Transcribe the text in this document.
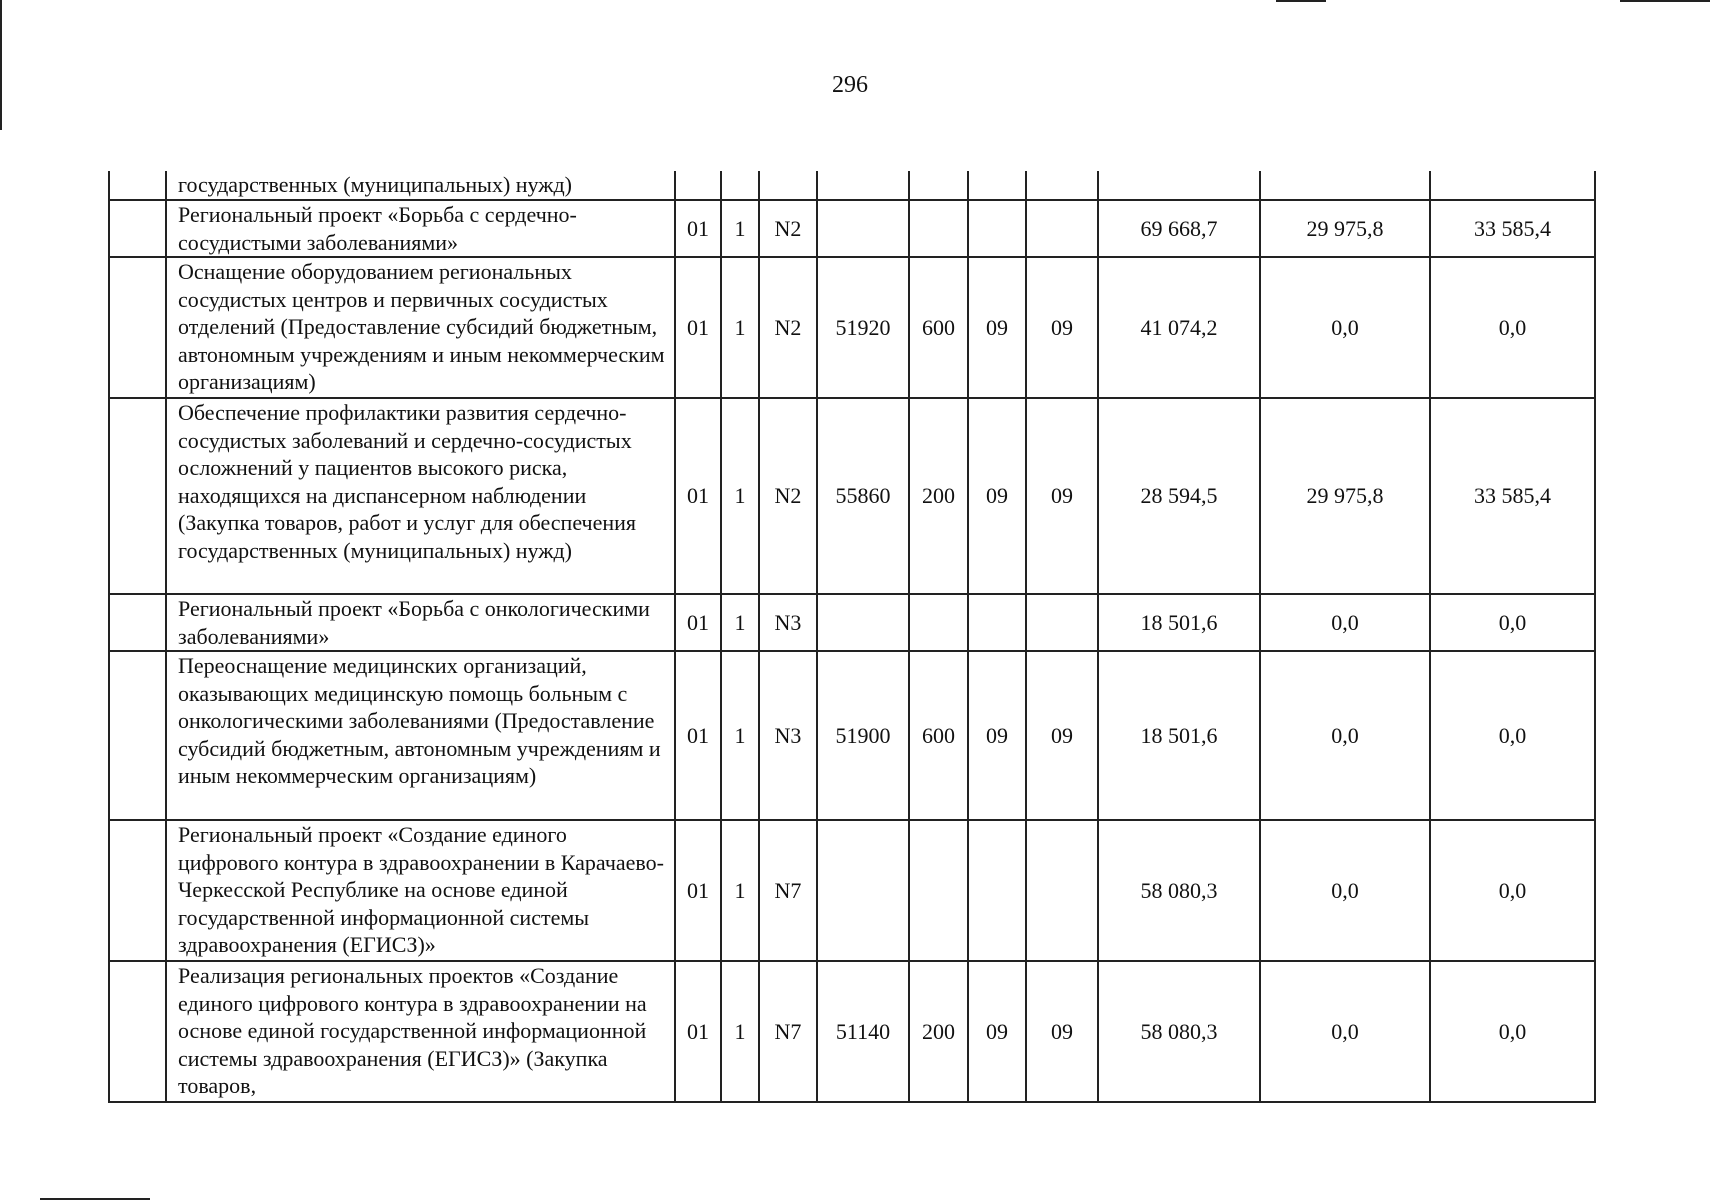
296
	государственных (муниципальных) нужд)										
	Региональный проект «Борьба с сердечно-сосудистыми заболеваниями»	01	1	N2					69 668,7	29 975,8	33 585,4
	Оснащение оборудованием региональных сосудистых центров и первичных сосудистых отделений (Предоставление субсидий бюджетным, автономным учреждениям и иным некоммерческим организациям)	01	1	N2	51920	600	09	09	41 074,2	0,0	0,0
	Обеспечение профилактики развития сердечно-сосудистых заболеваний и сердечно-сосудистых осложнений у пациентов высокого риска, находящихся на диспансерном наблюдении (Закупка товаров, работ и услуг для обеспечения государственных (муниципальных) нужд)	01	1	N2	55860	200	09	09	28 594,5	29 975,8	33 585,4
	Региональный проект «Борьба с онкологическими заболеваниями»	01	1	N3					18 501,6	0,0	0,0
	Переоснащение медицинских организаций, оказывающих медицинскую помощь больным с онкологическими заболеваниями (Предоставление субсидий бюджетным, автономным учреждениям и иным некоммерческим организациям)	01	1	N3	51900	600	09	09	18 501,6	0,0	0,0
	Региональный проект «Создание единого цифрового контура в здравоохранении в Карачаево-Черкесской Республике на основе единой государственной информационной системы здравоохранения (ЕГИСЗ)»	01	1	N7					58 080,3	0,0	0,0
	Реализация региональных проектов «Создание единого цифрового контура в здравоохранении на основе единой государственной информационной системы здравоохранения (ЕГИСЗ)» (Закупка товаров,	01	1	N7	51140	200	09	09	58 080,3	0,0	0,0
